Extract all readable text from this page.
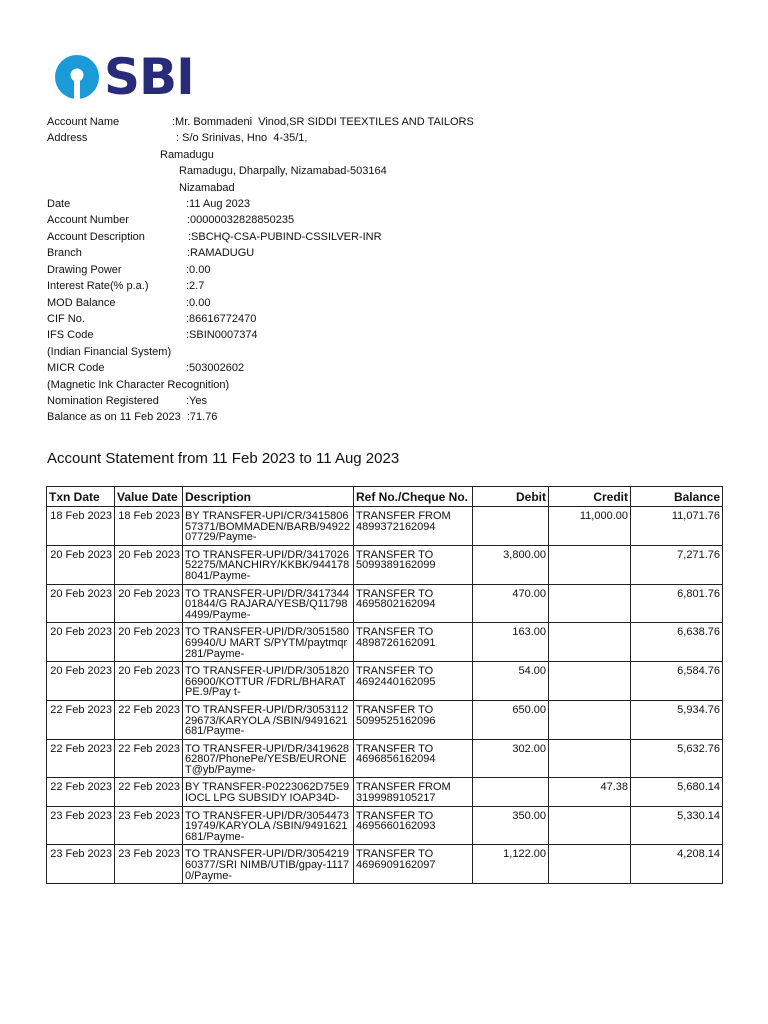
SBI
Account Name	:Mr. Bommadeni  Vinod,SR SIDDI TEEXTILES AND TAILORS
Address	: S/o Srinivas, Hno  4-35/1,
Ramadugu
Ramadugu, Dharpally, Nizamabad-503164
Nizamabad
Date	:11 Aug 2023
Account Number	:00000032828850235
Account Description	:SBCHQ-CSA-PUBIND-CSSILVER-INR
Branch	:RAMADUGU
Drawing Power	:0.00
Interest Rate(% p.a.)	:2.7
MOD Balance	:0.00
CIF No.	:86616772470
IFS Code	:SBIN0007374
(Indian Financial System)
MICR Code	:503002602
(Magnetic Ink Character Recognition)
Nomination Registered :Yes
Balance as on 11 Feb 2023  :71.76
Account Statement from 11 Feb 2023 to 11 Aug 2023
Txn Date	Value Date	Description	Ref No./Cheque No.	Debit	Credit	Balance
18 Feb 2023	18 Feb 2023	BY TRANSFER-UPI/CR/341580657371/BOMMADEN/BARB/9492207729/Payme-	TRANSFER FROM 4899372162094		11,000.00	11,071.76
20 Feb 2023	20 Feb 2023	TO TRANSFER-UPI/DR/341702652275/MANCHIRY/KKBK/9441788041/Payme-	TRANSFER TO 5099389162099	3,800.00		7,271.76
20 Feb 2023	20 Feb 2023	TO TRANSFER-UPI/DR/341734401844/G RAJARA/YESB/Q117984499/Payme-	TRANSFER TO 4695802162094	470.00		6,801.76
20 Feb 2023	20 Feb 2023	TO TRANSFER-UPI/DR/305158069940/U MART S/PYTM/paytmqr281/Payme-	TRANSFER TO 4898726162091	163.00		6,638.76
20 Feb 2023	20 Feb 2023	TO TRANSFER-UPI/DR/305182066900/KOTTUR /FDRL/BHARATPE.9/Pay t-	TRANSFER TO 4692440162095	54.00		6,584.76
22 Feb 2023	22 Feb 2023	TO TRANSFER-UPI/DR/305311229673/KARYOLA /SBIN/9491621681/Payme-	TRANSFER TO 5099525162096	650.00		5,934.76
22 Feb 2023	22 Feb 2023	TO TRANSFER-UPI/DR/341962862807/PhonePe/YESB/EURONET@yb/Payme-	TRANSFER TO 4696856162094	302.00		5,632.76
22 Feb 2023	22 Feb 2023	BY TRANSFER-P0223062D75E9 IOCL LPG SUBSIDY IOAP34D-	TRANSFER FROM 3199989105217		47.38	5,680.14
23 Feb 2023	23 Feb 2023	TO TRANSFER-UPI/DR/305447319749/KARYOLA /SBIN/9491621681/Payme-	TRANSFER TO 4695660162093	350.00		5,330.14
23 Feb 2023	23 Feb 2023	TO TRANSFER-UPI/DR/305421960377/SRI NIMB/UTIB/gpay-11170/Payme-	TRANSFER TO 4696909162097	1,122.00		4,208.14
